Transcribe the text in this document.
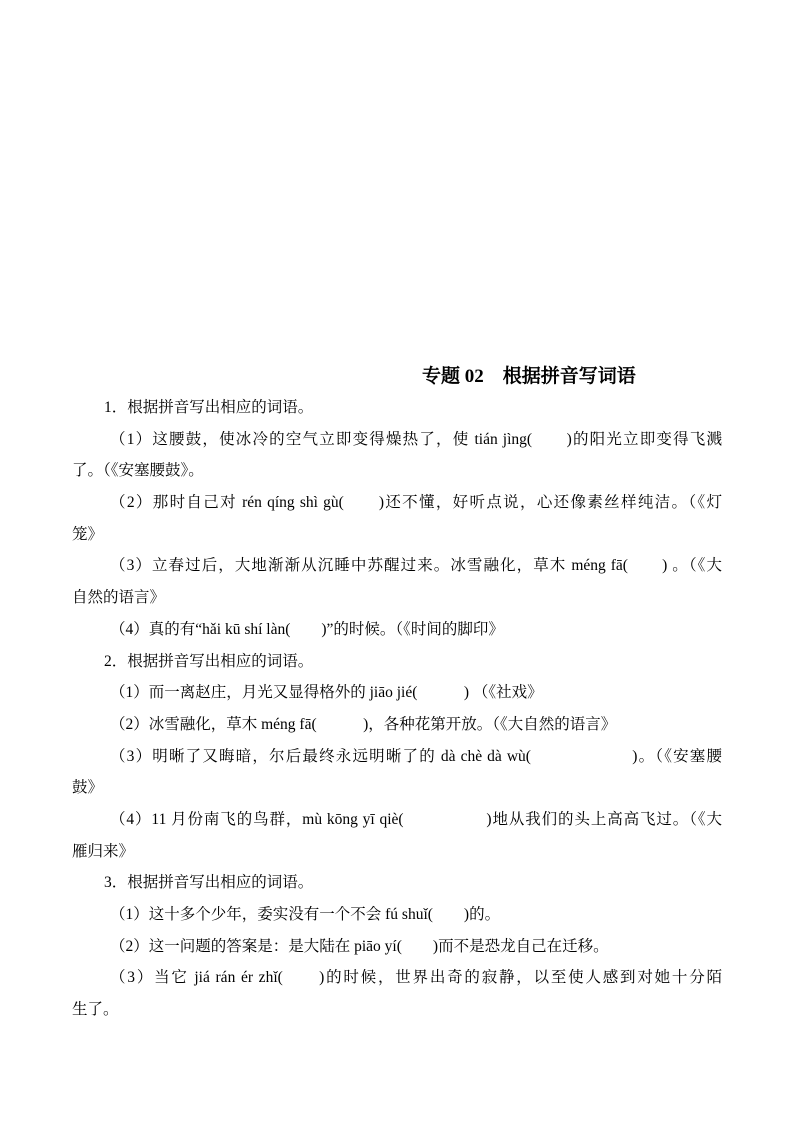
专题 02　根据拼音写词语
1．根据拼音写出相应的词语。
（1）这腰鼓，使冰冷的空气立即变得燥热了，使 tián jìng(　　)的阳光立即变得飞溅
了。（《安塞腰鼓》。
（2）那时自己对 rén qíng shì gù(　　)还不懂，好听点说，心还像素丝样纯洁。（《灯
笼》
（3）立春过后，大地渐渐从沉睡中苏醒过来。冰雪融化，草木 méng fā(　　) 。（《大
自然的语言》
（4）真的有“hǎi kū shí làn(　　)”的时候。（《时间的脚印》
2．根据拼音写出相应的词语。
（1）而一离赵庄，月光又显得格外的 jiāo jié(　　　) （《社戏》
（2）冰雪融化，草木 méng fā(　　　)，各种花第开放。（《大自然的语言》
（3）明晰了又晦暗，尔后最终永远明晰了的 dà chè dà wù(　　　　　　)。（《安塞腰
鼓》
（4）11 月份南飞的鸟群，mù kōng yī qiè(　　　　　)地从我们的头上高高飞过。（《大
雁归来》
3．根据拼音写出相应的词语。
（1）这十多个少年，委实没有一个不会 fú shuǐ(　　)的。
（2）这一问题的答案是：是大陆在 piāo yí(　　)而不是恐龙自己在迁移。
（3）当它 jiá rán ér zhǐ(　　)的时候，世界出奇的寂静，以至使人感到对她十分陌
生了。
